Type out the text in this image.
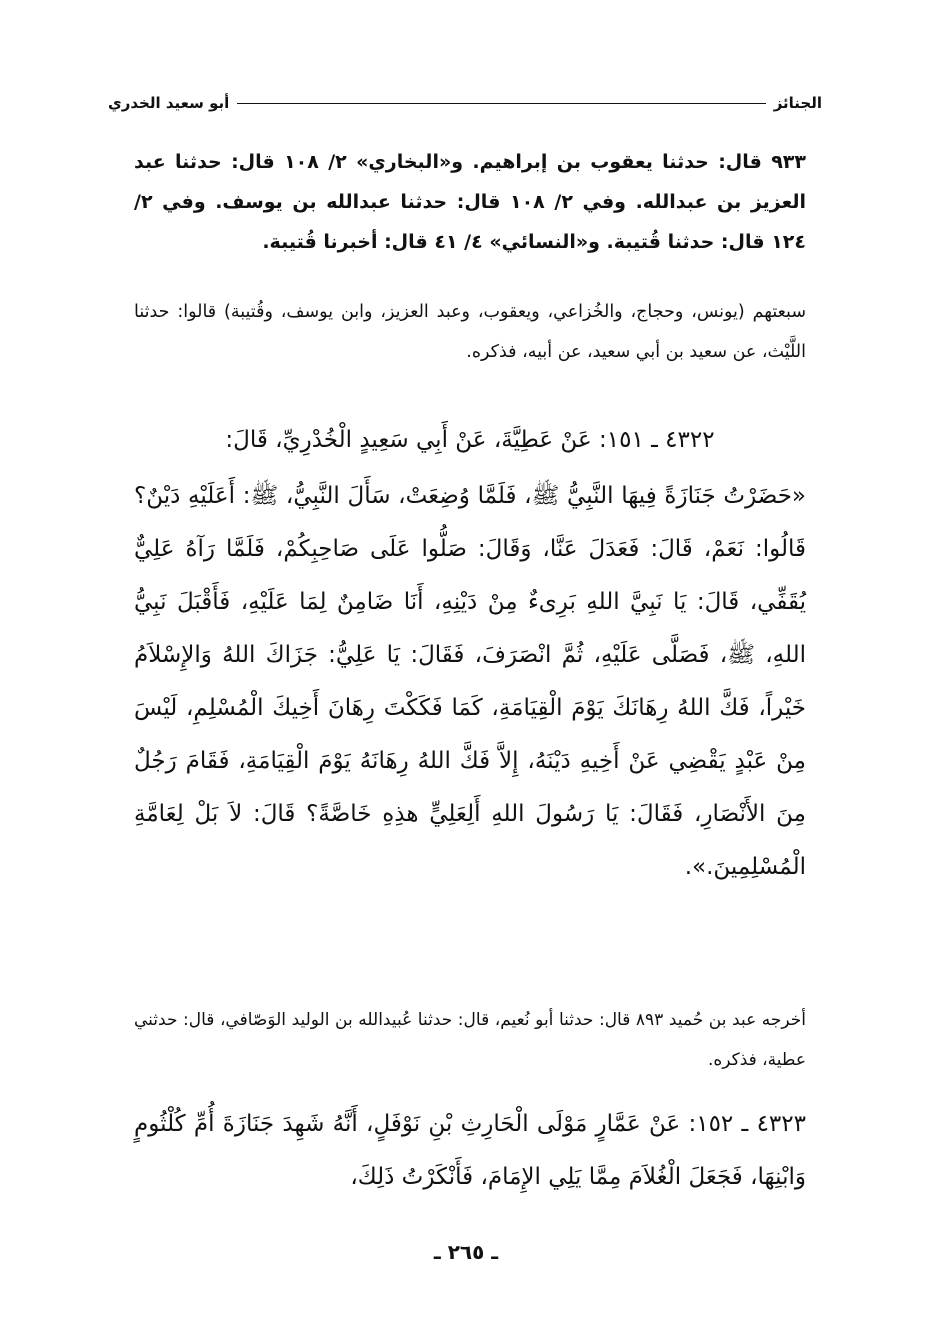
الجنائز
أبو سعيد الخدري

٩٣٣ قال: حدثنا يعقوب بن إبراهيم. و«البخاري» ٢/ ١٠٨ قال: حدثنا عبد العزيز بن عبدالله. وفي ٢/ ١٠٨ قال: حدثنا عبدالله بن يوسف. وفي ٢/ ١٢٤ قال: حدثنا قُتيبة. و«النسائي» ٤/ ٤١ قال: أخبرنا قُتيبة.

سبعتهم (يونس، وحجاج، والخُزاعي، ويعقوب، وعبد العزيز، وابن يوسف، وقُتيبة) قالوا: حدثنا اللَّيْث، عن سعيد بن أبي سعيد، عن أبيه، فذكره.

٤٣٢٢ ـ ١٥١: عَنْ عَطِيَّةَ، عَنْ أَبِي سَعِيدٍ الْخُدْرِيِّ، قَالَ:

«حَضَرْتُ جَنَازَةً فِيهَا النَّبِيُّ ﷺ، فَلَمَّا وُضِعَتْ، سَأَلَ النَّبِيُّ، ﷺ: أَعَلَيْهِ دَيْنٌ؟ قَالُوا: نَعَمْ، قَالَ: فَعَدَلَ عَنَّا، وَقَالَ: صَلُّوا عَلَى صَاحِبِكُمْ، فَلَمَّا رَآهُ عَلِيٌّ يُقَفِّي، قَالَ: يَا نَبِيَّ اللهِ بَرِىءٌ مِنْ دَيْنِهِ، أَنَا ضَامِنٌ لِمَا عَلَيْهِ، فَأَقْبَلَ نَبِيُّ اللهِ، ﷺ، فَصَلَّى عَلَيْهِ، ثُمَّ انْصَرَفَ، فَقَالَ: يَا عَلِيُّ: جَزَاكَ اللهُ وَالإِسْلاَمُ خَيْراً، فَكَّ اللهُ رِهَانَكَ يَوْمَ الْقِيَامَةِ، كَمَا فَكَكْتَ رِهَانَ أَخِيكَ الْمُسْلِمِ، لَيْسَ مِنْ عَبْدٍ يَقْضِي عَنْ أَخِيهِ دَيْنَهُ، إِلاَّ فَكَّ اللهُ رِهَانَهُ يَوْمَ الْقِيَامَةِ، فَقَامَ رَجُلٌ مِنَ الأَنْصَارِ، فَقَالَ: يَا رَسُولَ اللهِ أَلِعَلِيٍّ هذِهِ خَاصَّةً؟ قَالَ: لاَ بَلْ لِعَامَّةِ الْمُسْلِمِينَ.».

أخرجه عبد بن حُميد ٨٩٣ قال: حدثنا أبو نُعيم، قال: حدثنا عُبيدالله بن الوليد الوَصّافي، قال: حدثني عطية، فذكره.

٤٣٢٣ ـ ١٥٢: عَنْ عَمَّارٍ مَوْلَى الْحَارِثِ بْنِ نَوْفَلٍ، أَنَّهُ شَهِدَ جَنَازَةَ أُمِّ كُلْثُومٍ وَابْنِهَا، فَجَعَلَ الْغُلاَمَ مِمَّا يَلِي الإِمَامَ، فَأَنْكَرْتُ ذَلِكَ،

ـ ٢٦٥ ـ
